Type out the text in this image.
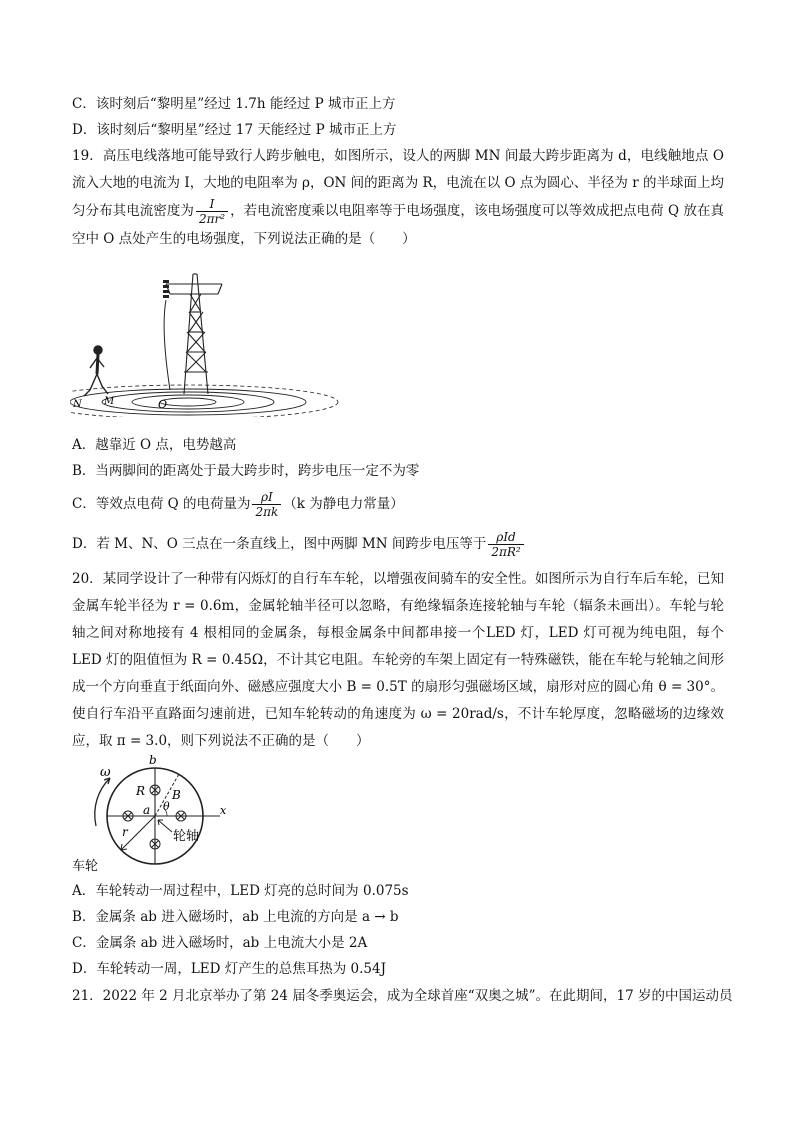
C．该时刻后“黎明星”经过 1.7h 能经过 P 城市正上方
D．该时刻后“黎明星”经过 17 天能经过 P 城市正上方
19．高压电线落地可能导致行人跨步触电，如图所示，设人的两脚 MN 间最大跨步距离为 d，电线触地点 O 流入大地的电流为 I，大地的电阻率为 ρ，ON 间的距离为 R，电流在以 O 点为圆心、半径为 r 的半球面上均匀分布其电流密度为 $\frac{I}{\text{2πr²}}$ ，若电流密度乘以电阻率等于电场强度，该电场强度可以等效成把点电荷 Q 放在真空中 O 点处产生的电场强度，下列说法正确的是（　　）
N M	O
A．越靠近 O 点，电势越高
B．当两脚间的距离处于最大跨步时，跨步电压一定不为零
C．等效点电荷 Q 的电荷量为 $\frac{\rho I}{2\pi k} (k$ 为静电力常量）
D．若 M、N、O 三点在一条直线上，图中两脚 MN 间跨步电压等于 $\frac{\text{ρId}}{\text{2πR²}}$
20．某同学设计了一种带有闪烁灯的自行车车轮，以增强夜间骑车的安全性。如图所示为自行车后车轮，已知金属车轮半径为 r = 0.6m，金属轮轴半径可以忽略，有绝缘辐条连接轮轴与车轮（辐条未画出）。车轮与轮轴之间对称地接有 4 根相同的金属条，每根金属条中间都串接一个LED 灯，LED 灯可视为纯电阻，每个LED 灯的阻值恒为 R = 0.45Ω，不计其它电阻。车轮旁的车架上固定有一特殊磁铁，能在车轮与轮轴之间形成一个方向垂直于纸面向外、磁感应强度大小 B = 0.5T 的扇形匀强磁场区域，扇形对应的圆心角 θ = 30°。使自行车沿平直路面匀速前进，已知车轮转动的角速度为 ω = 20rad/s，不计车轮厚度，忽略磁场的边缘效应，取 π = 3.0，则下列说法不正确的是（　　）
ω
b
R B
θ
a
r	轮轴
车轮
x
A．车轮转动一周过程中，LED 灯亮的总时间为 0.075s
B．金属条 ab 进入磁场时，ab 上电流的方向是 a → b
C．金属条 ab 进入磁场时，ab 上电流大小是 2A
D．车轮转动一周，LED 灯产生的总焦耳热为 0.54J
21．2022 年 2 月北京举办了第 24 届冬季奥运会，成为全球首座“双奥之城”。在此期间，17 岁的中国运动员
